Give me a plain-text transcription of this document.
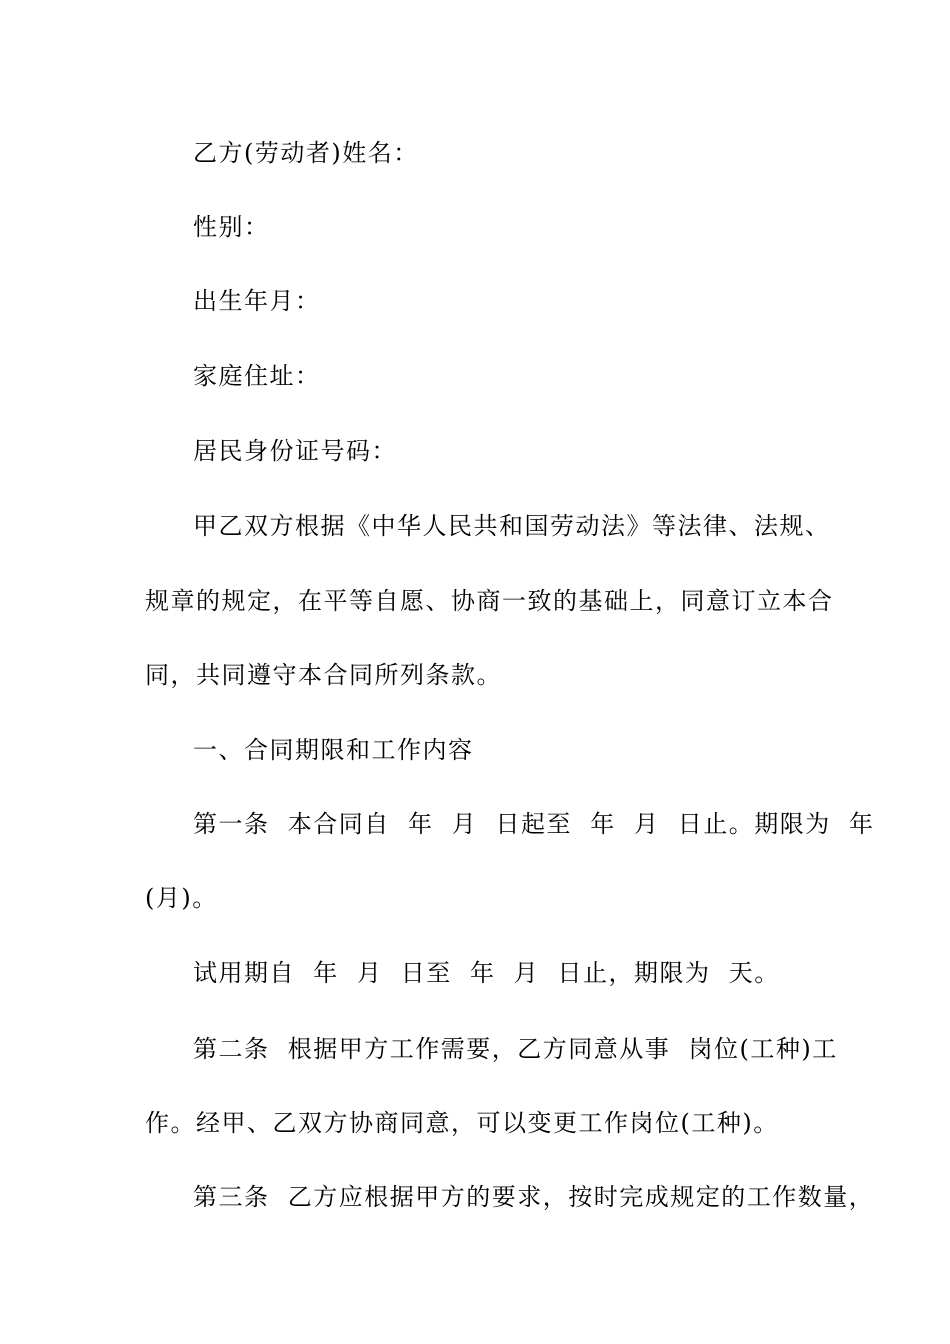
乙方(劳动者)姓名：
性别：
出生年月：
家庭住址：
居民身份证号码：
甲乙双方根据《中华人民共和国劳动法》等法律、法规、
规章的规定，在平等自愿、协商一致的基础上，同意订立本合
同，共同遵守本合同所列条款。
一、合同期限和工作内容
第一条  本合同自  年  月  日起至  年  月  日止。期限为  年
(月)。
试用期自  年  月  日至  年  月  日止，期限为  天。
第二条  根据甲方工作需要，乙方同意从事  岗位(工种)工
作。经甲、乙双方协商同意，可以变更工作岗位(工种)。
第三条  乙方应根据甲方的要求，按时完成规定的工作数量，
